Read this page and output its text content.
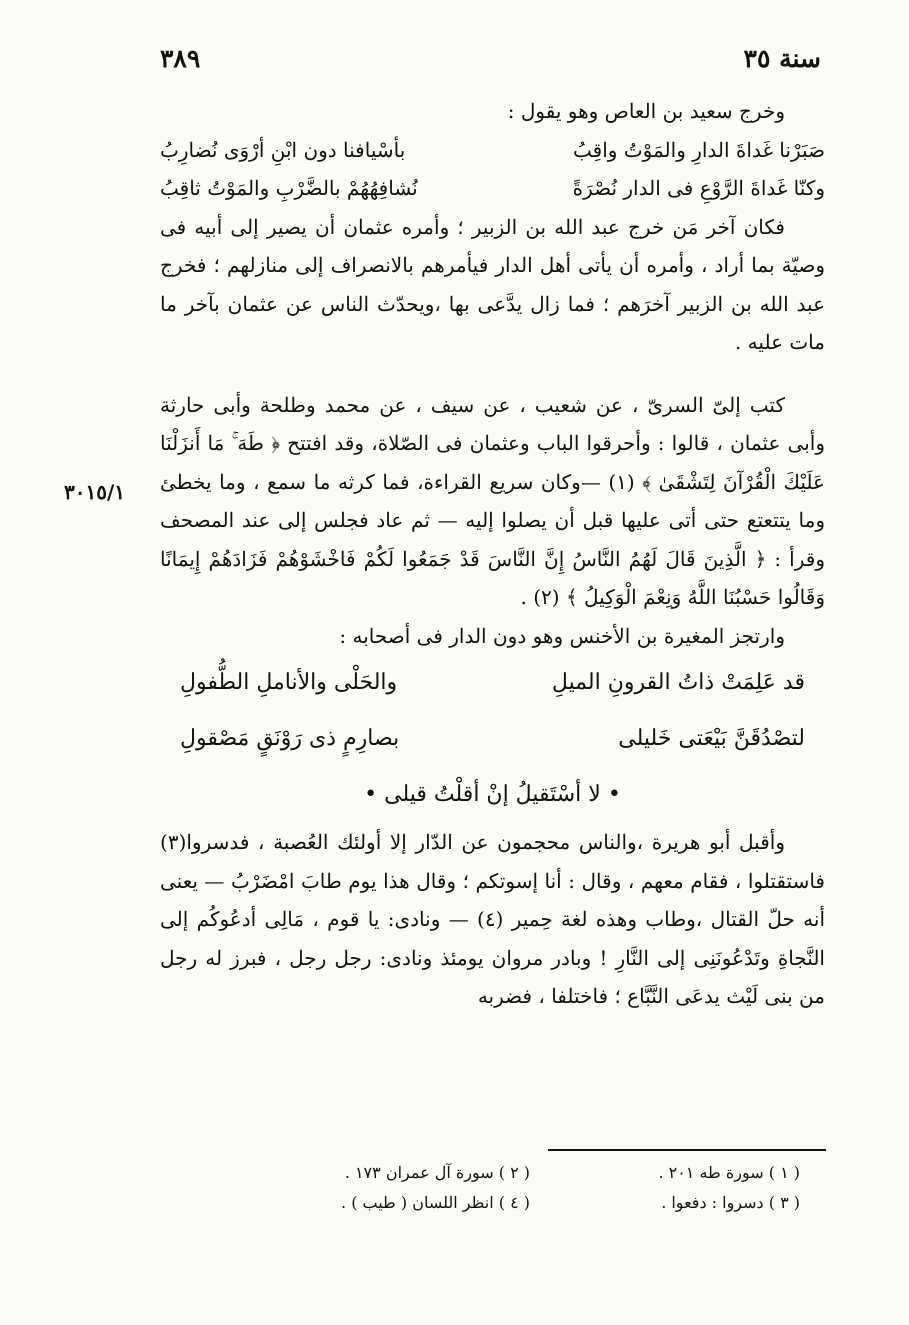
٣٨٩	سنة ٣٥
٣٠١٥/١

وخرج سعيد بن العاص وهو يقول :

صَبَرْنا غَداةَ الدارِ والمَوْتُ واقِبُ
بأسْيافنا دون ابْنِ أرْوَى نُضارِبُ
وكنّا غَداةَ الرَّوْعِ فى الدار نُصْرَةً
نُشافِهُهُمْ بالضَّرْبِ والمَوْتُ ثاقِبُ

فكان آخر مَن خرج عبد الله بن الزبير ؛ وأمره عثمان أن يصير إلى أبيه فى وصيّة بما أراد ، وأمره أن يأتى أهل الدار فيأمرهم بالانصراف إلى منازلهم ؛ فخرج عبد الله بن الزبير آخرَهم ؛ فما زال يدَّعى بها ،ويحدّث الناس عن عثمان بآخر ما مات عليه .

كتب إلىّ السرىّ ، عن شعيب ، عن سيف ، عن محمد وطلحة وأبى حارثة وأبى عثمان ، قالوا : وأحرقوا الباب وعثمان فى الصّلاة، وقد افتتح ﴿ طَهَ ۚ مَا أَنزَلْنَا عَلَيْكَ الْقُرْآنَ لِتَشْقَىٰ ﴾ (١) —وكان سريع القراءة، فما كرثه ما سمع ، وما يخطئ وما يتتعتع حتى أتى عليها قبل أن يصلوا إليه — ثم عاد فجلس إلى عند المصحف وقرأ : ﴿ الَّذِينَ قَالَ لَهُمُ النَّاسُ إِنَّ النَّاسَ قَدْ جَمَعُوا لَكُمْ فَاخْشَوْهُمْ فَزَادَهُمْ إِيمَانًا وَقَالُوا حَسْبُنَا اللَّهُ وَنِعْمَ الْوَكِيلُ ﴾ (٢) .

وارتجز المغيرة بن الأخنس وهو دون الدار فى أصحابه :

قد عَلِمَتْ ذاتُ القرونِ الميلِ
والحَلْى والأناملِ الطُّفولِ
لتصْدُقَنَّ بَيْعَتى خَليلى
بصارِمٍ ذى رَوْنَقٍ مَصْقولِ
• لا أسْتَقيلُ إنْ أقلْتُ قيلى •

وأقبل أبو هريرة ،والناس محجمون عن الدّار إلا أولئك العُصبة ، فدسروا(٣) فاستقتلوا ، فقام معهم ، وقال : أنا إسوتكم ؛ وقال هذا يوم طابَ امْضَرْبُ — يعنى أنه حلّ القتال ،وطاب وهذه لغة حِمير (٤) — ونادى: يا قوم ، مَالِى أدعُوكُم إلى النَّجاةِ وتَدْعُونَنِى إلى النَّارِ ! وبادر مروان يومئذ ونادى: رجل رجل ، فبرز له رجل من بنى لَيْث يدعَى النَّبَّاع ؛ فاختلفا ، فضربه

( ١ ) سورة طه ٢٠١ .
( ٢ ) سورة آل عمران ١٧٣ .
( ٣ ) دسروا : دفعوا .
( ٤ ) انظر اللسان ( طيب ) .
